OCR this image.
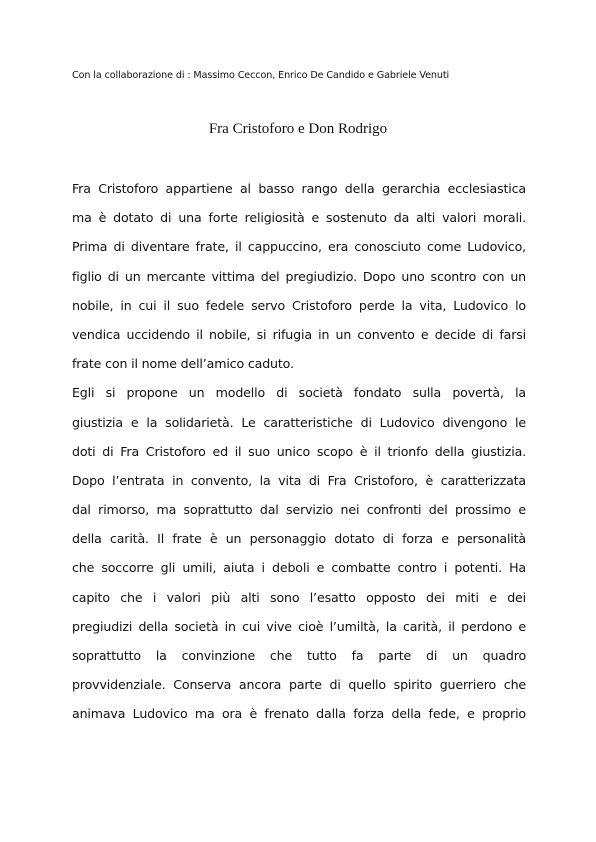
Con la collaborazione di : Massimo Ceccon, Enrico De Candido e Gabriele Venuti
Fra Cristoforo e Don Rodrigo
Fra Cristoforo appartiene al basso rango della gerarchia ecclesiastica
ma è dotato di una forte religiosità e sostenuto da alti valori morali.
Prima di diventare frate, il cappuccino, era conosciuto come Ludovico,
figlio di un mercante vittima del pregiudizio. Dopo uno scontro con un
nobile, in cui il suo fedele servo Cristoforo perde la vita, Ludovico lo
vendica uccidendo il nobile, si rifugia in un convento e decide di farsi
frate con il nome dell’amico caduto.
Egli si propone un modello di società fondato sulla povertà, la
giustizia e la solidarietà. Le caratteristiche di Ludovico divengono le
doti di Fra Cristoforo ed il suo unico scopo è il trionfo della giustizia.
Dopo l’entrata in convento, la vita di Fra Cristoforo, è caratterizzata
dal rimorso, ma soprattutto dal servizio nei confronti del prossimo e
della carità. Il frate è un personaggio dotato di forza e personalità
che soccorre gli umili, aiuta i deboli e combatte contro i potenti. Ha
capito che i valori più alti sono l’esatto opposto dei miti e dei
pregiudizi della società in cui vive cioè l’umiltà, la carità, il perdono e
soprattutto la convinzione che tutto fa parte di un quadro
provvidenziale. Conserva ancora parte di quello spirito guerriero che
animava Ludovico ma ora è frenato dalla forza della fede, e proprio
